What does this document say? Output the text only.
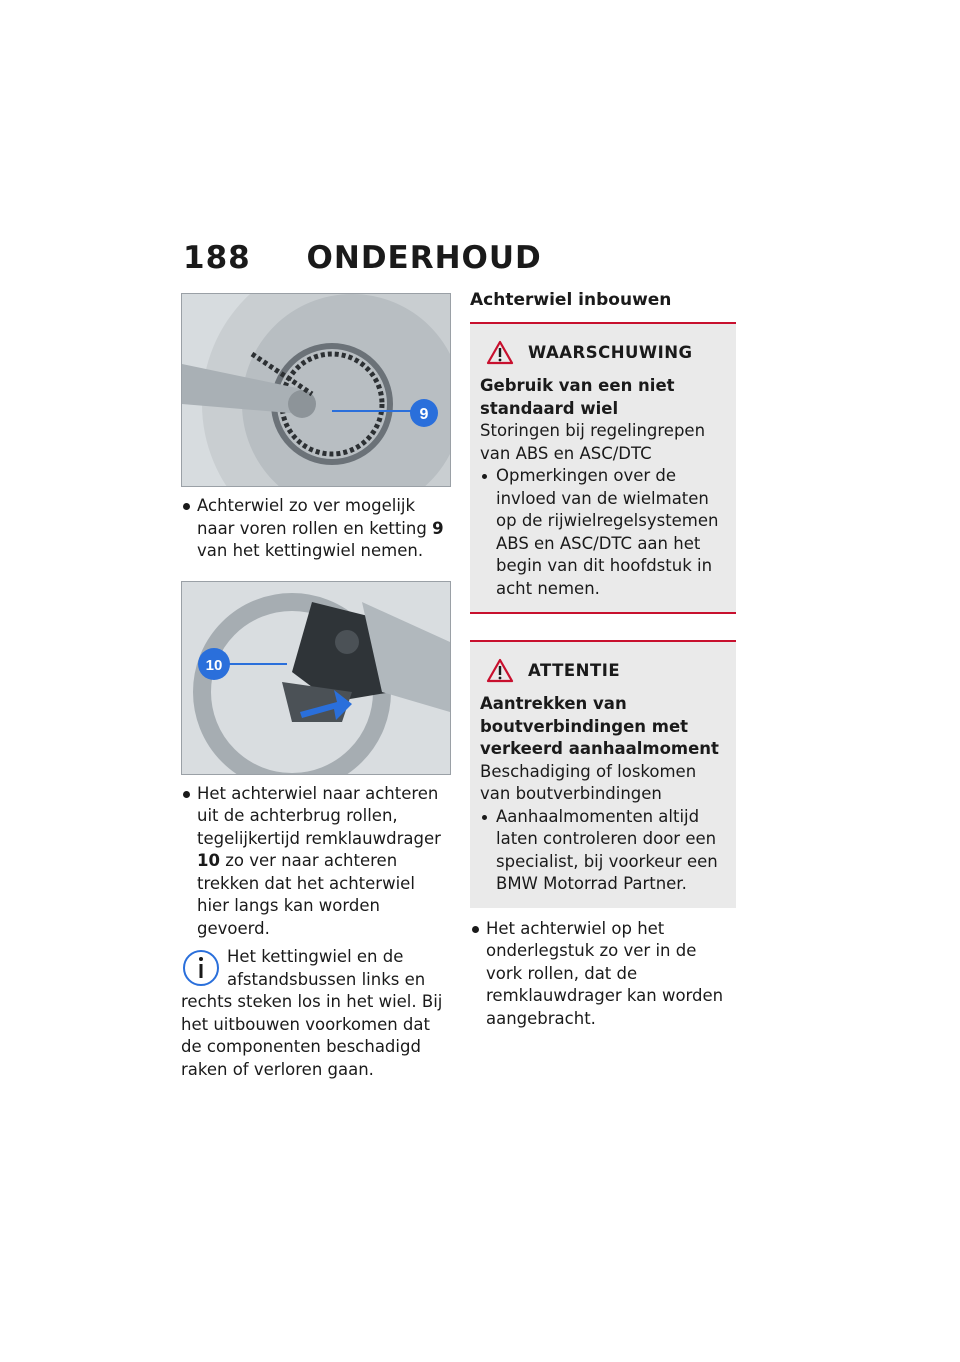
188 ONDERHOUD
9
Achterwiel zo ver mogelijk naar voren rollen en ketting 9 van het kettingwiel nemen.
10
Het achterwiel naar achteren uit de achterbrug rollen, tegelijkertijd remklauwdrager 10 zo ver naar achteren trekken dat het achterwiel hier langs kan worden gevoerd.
Het kettingwiel en de afstandsbussen links en rechts steken los in het wiel. Bij het uitbouwen voorkomen dat de componenten beschadigd raken of verloren gaan.
Achterwiel inbouwen
WAARSCHUWING
Gebruik van een niet standaard wiel
Storingen bij regelingrepen van ABS en ASC/DTC
Opmerkingen over de invloed van de wielmaten op de rijwielregelsystemen ABS en ASC/DTC aan het begin van dit hoofdstuk in acht nemen.
ATTENTIE
Aantrekken van boutverbindingen met verkeerd aanhaalmoment
Beschadiging of loskomen van boutverbindingen
Aanhaalmomenten altijd laten controleren door een specialist, bij voorkeur een BMW Motorrad Partner.
Het achterwiel op het onderlegstuk zo ver in de vork rollen, dat de remklauwdrager kan worden aangebracht.
